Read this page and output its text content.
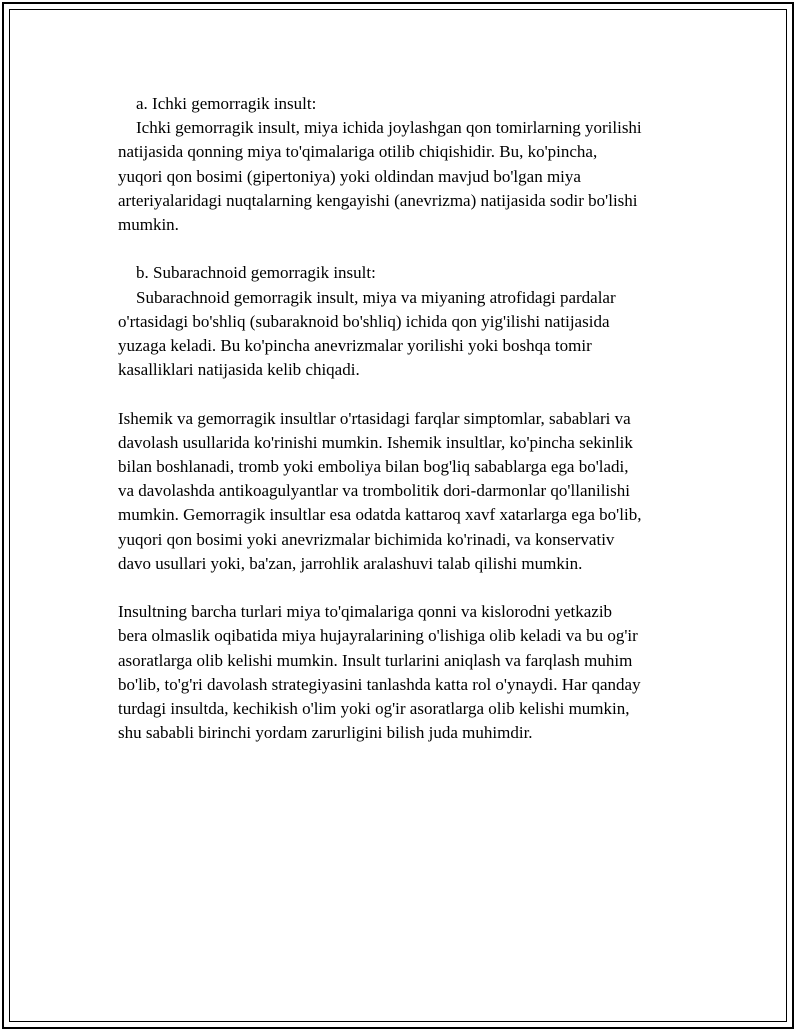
a. Ichki gemorragik insult:
Ichki gemorragik insult, miya ichida joylashgan qon tomirlarning yorilishi
natijasida qonning miya to'qimalariga otilib chiqishidir. Bu, ko'pincha,
yuqori qon bosimi (gipertoniya) yoki oldindan mavjud bo'lgan miya
arteriyalaridagi nuqtalarning kengayishi (anevrizma) natijasida sodir bo'lishi
mumkin.
b. Subarachnoid gemorragik insult:
Subarachnoid gemorragik insult, miya va miyaning atrofidagi pardalar
o'rtasidagi bo'shliq (subaraknoid bo'shliq) ichida qon yig'ilishi natijasida
yuzaga keladi. Bu ko'pincha anevrizmalar yorilishi yoki boshqa tomir
kasalliklari natijasida kelib chiqadi.
Ishemik va gemorragik insultlar o'rtasidagi farqlar simptomlar, sabablari va
davolash usullarida ko'rinishi mumkin. Ishemik insultlar, ko'pincha sekinlik
bilan boshlanadi, tromb yoki emboliya bilan bog'liq sabablarga ega bo'ladi,
va davolashda antikoagulyantlar va trombolitik dori-darmonlar qo'llanilishi
mumkin. Gemorragik insultlar esa odatda kattaroq xavf xatarlarga ega bo'lib,
yuqori qon bosimi yoki anevrizmalar bichimida ko'rinadi, va konservativ
davo usullari yoki, ba'zan, jarrohlik aralashuvi talab qilishi mumkin.
Insultning barcha turlari miya to'qimalariga qonni va kislorodni yetkazib
bera olmaslik oqibatida miya hujayralarining o'lishiga olib keladi va bu og'ir
asoratlarga olib kelishi mumkin. Insult turlarini aniqlash va farqlash muhim
bo'lib, to'g'ri davolash strategiyasini tanlashda katta rol o'ynaydi. Har qanday
turdagi insultda, kechikish o'lim yoki og'ir asoratlarga olib kelishi mumkin,
shu sababli birinchi yordam zarurligini bilish juda muhimdir.
